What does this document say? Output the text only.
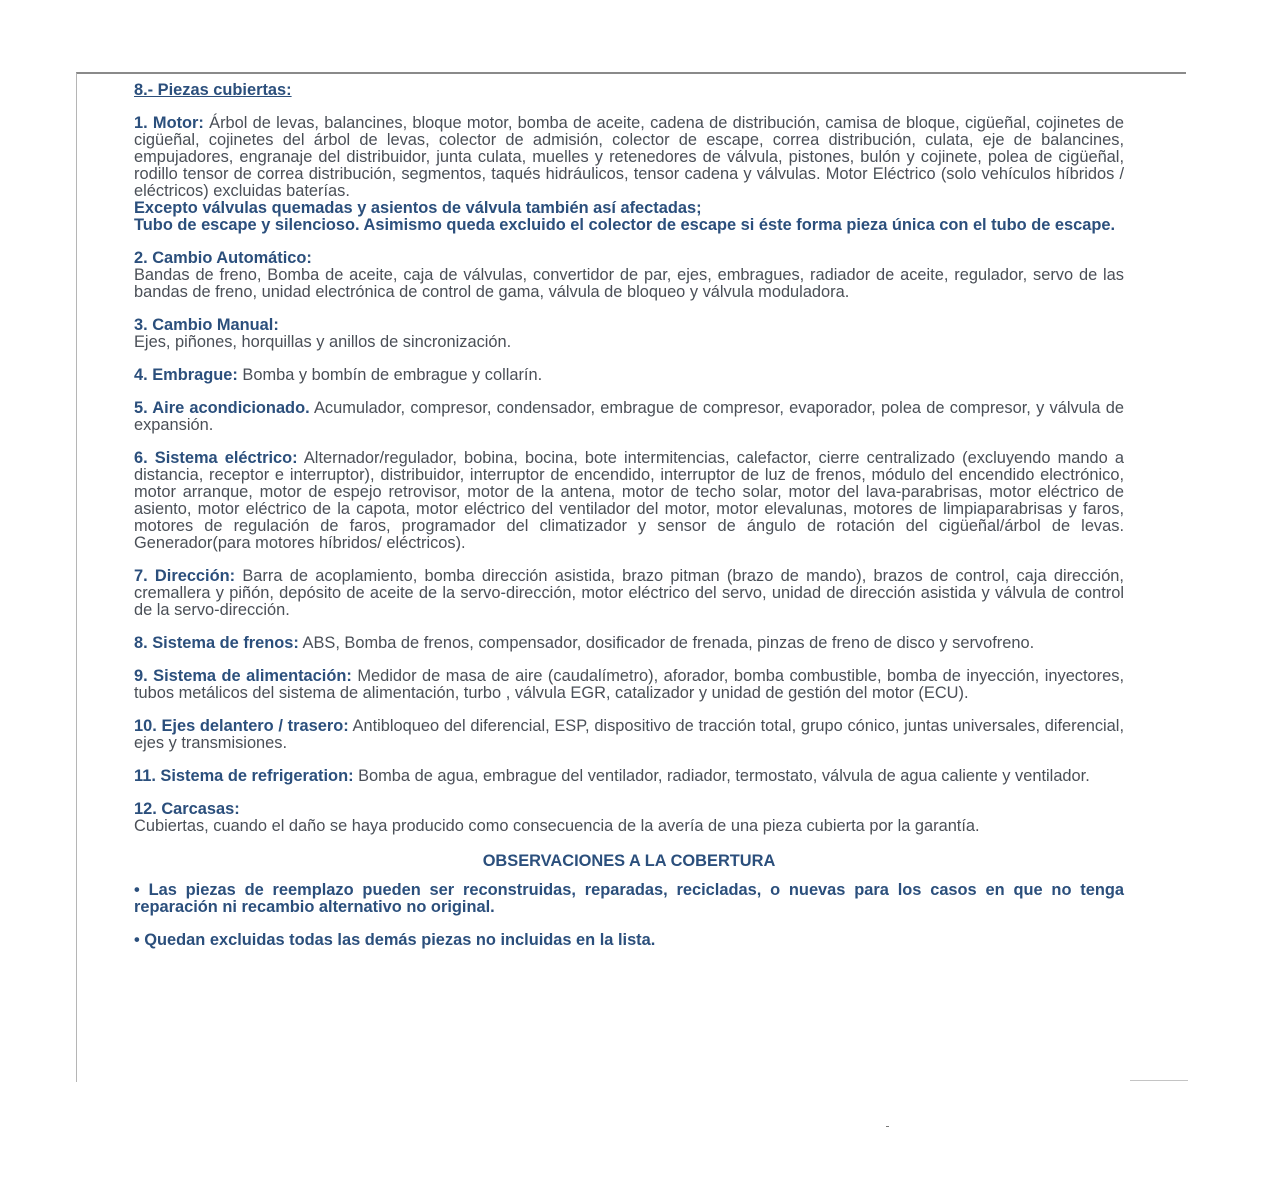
8.- Piezas cubiertas:
1. Motor: Árbol de levas, balancines, bloque motor, bomba de aceite, cadena de distribución, camisa de bloque, cigüeñal, cojinetes de cigüeñal, cojinetes del árbol de levas, colector de admisión, colector de escape, correa distribución, culata, eje de balancines, empujadores, engranaje del distribuidor, junta culata, muelles y retenedores de válvula, pistones, bulón y cojinete, polea de cigüeñal, rodillo tensor de correa distribución, segmentos, taqués hidráulicos, tensor cadena y válvulas. Motor Eléctrico (solo vehículos híbridos / eléctricos) excluidas baterías.
Excepto válvulas quemadas y asientos de válvula también así afectadas;
Tubo de escape y silencioso. Asimismo queda excluido el colector de escape si éste forma pieza única con el tubo de escape.
2. Cambio Automático:
Bandas de freno, Bomba de aceite, caja de válvulas, convertidor de par, ejes, embragues, radiador de aceite, regulador, servo de las bandas de freno, unidad electrónica de control de gama, válvula de bloqueo y válvula moduladora.
3. Cambio Manual:
Ejes, piñones, horquillas y anillos de sincronización.
4. Embrague: Bomba y bombín de embrague y collarín.
5. Aire acondicionado. Acumulador, compresor, condensador, embrague de compresor, evaporador, polea de compresor, y válvula de expansión.
6. Sistema eléctrico: Alternador/regulador, bobina, bocina, bote intermitencias, calefactor, cierre centralizado (excluyendo mando a distancia, receptor e interruptor), distribuidor, interruptor de encendido, interruptor de luz de frenos, módulo del encendido electrónico, motor arranque, motor de espejo retrovisor, motor de la antena, motor de techo solar, motor del lava-parabrisas, motor eléctrico de asiento, motor eléctrico de la capota, motor eléctrico del ventilador del motor, motor elevalunas, motores de limpiaparabrisas y faros, motores de regulación de faros, programador del climatizador y sensor de ángulo de rotación del cigüeñal/árbol de levas. Generador(para motores híbridos/ eléctricos).
7. Dirección: Barra de acoplamiento, bomba dirección asistida, brazo pitman (brazo de mando), brazos de control, caja dirección, cremallera y piñón, depósito de aceite de la servo-dirección, motor eléctrico del servo, unidad de dirección asistida y válvula de control de la servo-dirección.
8. Sistema de frenos: ABS, Bomba de frenos, compensador, dosificador de frenada, pinzas de freno de disco y servofreno.
9. Sistema de alimentación: Medidor de masa de aire (caudalímetro), aforador, bomba combustible, bomba de inyección, inyectores, tubos metálicos del sistema de alimentación, turbo , válvula EGR, catalizador y unidad de gestión del motor (ECU).
10. Ejes delantero / trasero: Antibloqueo del diferencial, ESP, dispositivo de tracción total, grupo cónico, juntas universales, diferencial, ejes y transmisiones.
11. Sistema de refrigeration: Bomba de agua, embrague del ventilador, radiador, termostato, válvula de agua caliente y ventilador.
12. Carcasas:
Cubiertas, cuando el daño se haya producido como consecuencia de la avería de una pieza cubierta por la garantía.
OBSERVACIONES A LA COBERTURA
• Las piezas de reemplazo pueden ser reconstruidas, reparadas, recicladas, o nuevas para los casos en que no tenga reparación ni recambio alternativo no original.
• Quedan excluidas todas las demás piezas no incluidas en la lista.
